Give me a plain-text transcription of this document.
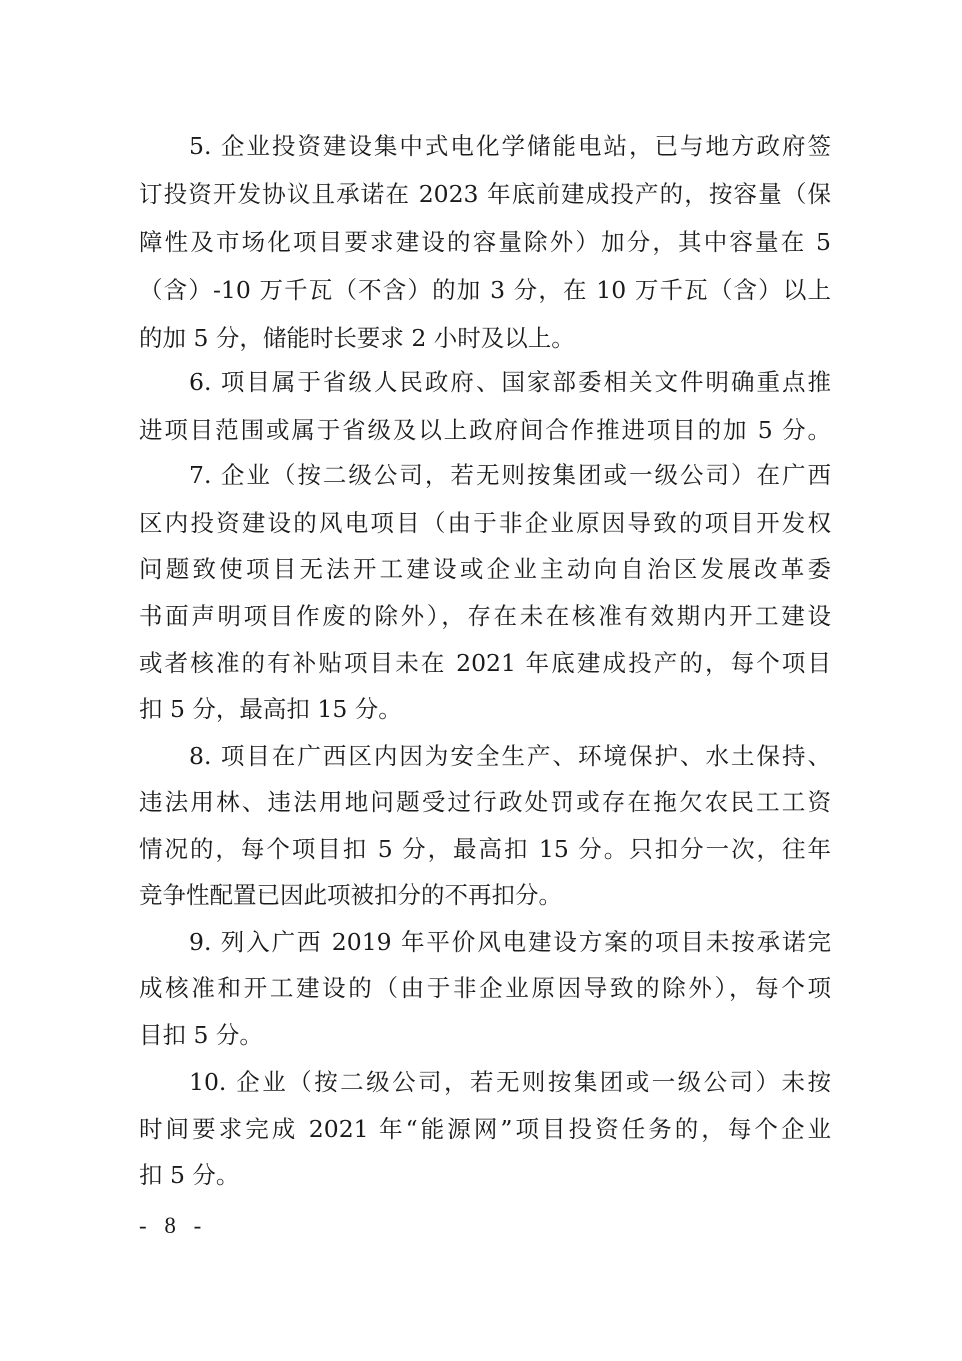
5. 企业投资建设集中式电化学储能电站，已与地方政府签
订投资开发协议且承诺在 2023 年底前建成投产的，按容量（保
障性及市场化项目要求建设的容量除外）加分，其中容量在 5
（含）-10 万千瓦（不含）的加 3 分，在 10 万千瓦（含）以上
的加 5 分，储能时长要求 2 小时及以上。
6. 项目属于省级人民政府、国家部委相关文件明确重点推
进项目范围或属于省级及以上政府间合作推进项目的加 5 分。
7. 企业（按二级公司，若无则按集团或一级公司）在广西
区内投资建设的风电项目（由于非企业原因导致的项目开发权
问题致使项目无法开工建设或企业主动向自治区发展改革委
书面声明项目作废的除外），存在未在核准有效期内开工建设
或者核准的有补贴项目未在 2021 年底建成投产的，每个项目
扣 5 分，最高扣 15 分。
8. 项目在广西区内因为安全生产、环境保护、水土保持、
违法用林、违法用地问题受过行政处罚或存在拖欠农民工工资
情况的，每个项目扣 5 分，最高扣 15 分。只扣分一次，往年
竞争性配置已因此项被扣分的不再扣分。
9. 列入广西 2019 年平价风电建设方案的项目未按承诺完
成核准和开工建设的（由于非企业原因导致的除外），每个项
目扣 5 分。
10. 企业（按二级公司，若无则按集团或一级公司）未按
时间要求完成 2021 年“能源网”项目投资任务的，每个企业
扣 5 分。
- 8 -
